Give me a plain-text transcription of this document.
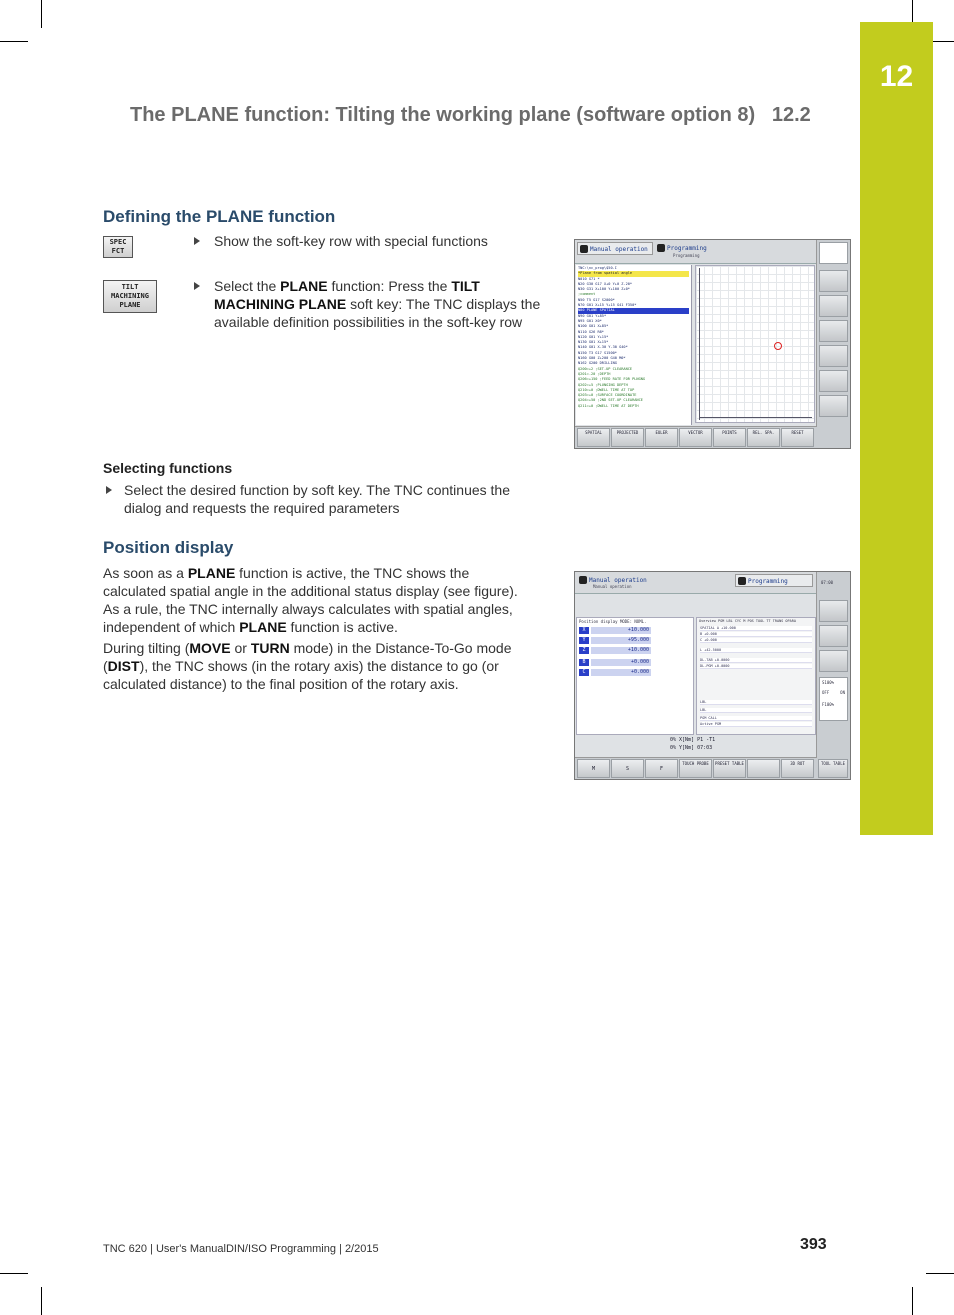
12
The PLANE function: Tilting the working plane (software option 8) 12.2
Defining the PLANE function
SPEC
FCT
Show the soft-key row with special functions
TILT
MACHINING
PLANE
Select the PLANE function: Press the TILT
MACHINING PLANE soft key: The TNC displays the
available definition possibilities in the soft-key row
Manual operation	Programming
Programming
TNC:\nc_prog\$50.I
*Plane from spatial angle
N010 G71 *
N20 G30 G17 X+0 Y+0 Z-20*
N30 G31 X+100 Y+100 Z+0*
;comment
N50 T5 G17 S2000*
N70 G01 X+15 Y+15 G41 F350*
N80 PLANE SPATIAL
N90 G01 Y+85*
N95 G01 X0*
N100 G01 X+85*
N110 G26 R8*
N120 G01 Y+15*
N130 G01 X+15*
N140 G01 X-30 Y-30 G40*
N150 T3 G17 S1500*
N160 G00 Z+200 G40 M0*
N162 G200 DRILLING
Q200=+2 ;SET-UP CLEARANCE
Q201=-20 ;DEPTH
Q206=+150 ;FEED RATE FOR PLNGNG
Q202=+5 ;PLUNGING DEPTH
Q210=+0 ;DWELL TIME AT TOP
Q203=+0 ;SURFACE COORDINATE
Q204=+50 ;2ND SET-UP CLEARANCE
Q211=+0 ;DWELL TIME AT DEPTH
SPATIAL	PROJECTED	EULER	VECTOR	POINTS	REL. SPA.	RESET
Selecting functions
Select the desired function by soft key. The TNC continues the
dialog and requests the required parameters
Position display
As soon as a PLANE function is active, the TNC shows the
calculated spatial angle in the additional status display (see figure).
As a rule, the TNC internally always calculates with spatial angles,
independent of which PLANE function is active.
During tilting (MOVE or TURN mode) in the Distance-To-Go mode
(DIST), the TNC shows (in the rotary axis) the distance to go (or
calculated distance) to the final position of the rotary axis.
Manual operation
Manual operation
Programming
Position display MODE: NOML.
X	+10.000
Y	+95.000
Z	+10.000
B	+0.000
C	+0.000
Overview PGM LBL CYC M POS TOOL TT TRANS OPARA
SPATIAL A +10.000
B +0.000
C +0.000
L +42.5000
DL-TAB +0.0000
DL-PGM +0.0000
LBL
LBL
PGM CALL
Active PGM
0% X[Nm] P1 -T1
0% Y[Nm] 07:03
07:00
S100%
OFF	ON
F100%
M	S	F
TOUCH PROBE	PRESET TABLE	3D ROT	TOOL TABLE
TNC 620 | User's ManualDIN/ISO Programming | 2/2015	393
